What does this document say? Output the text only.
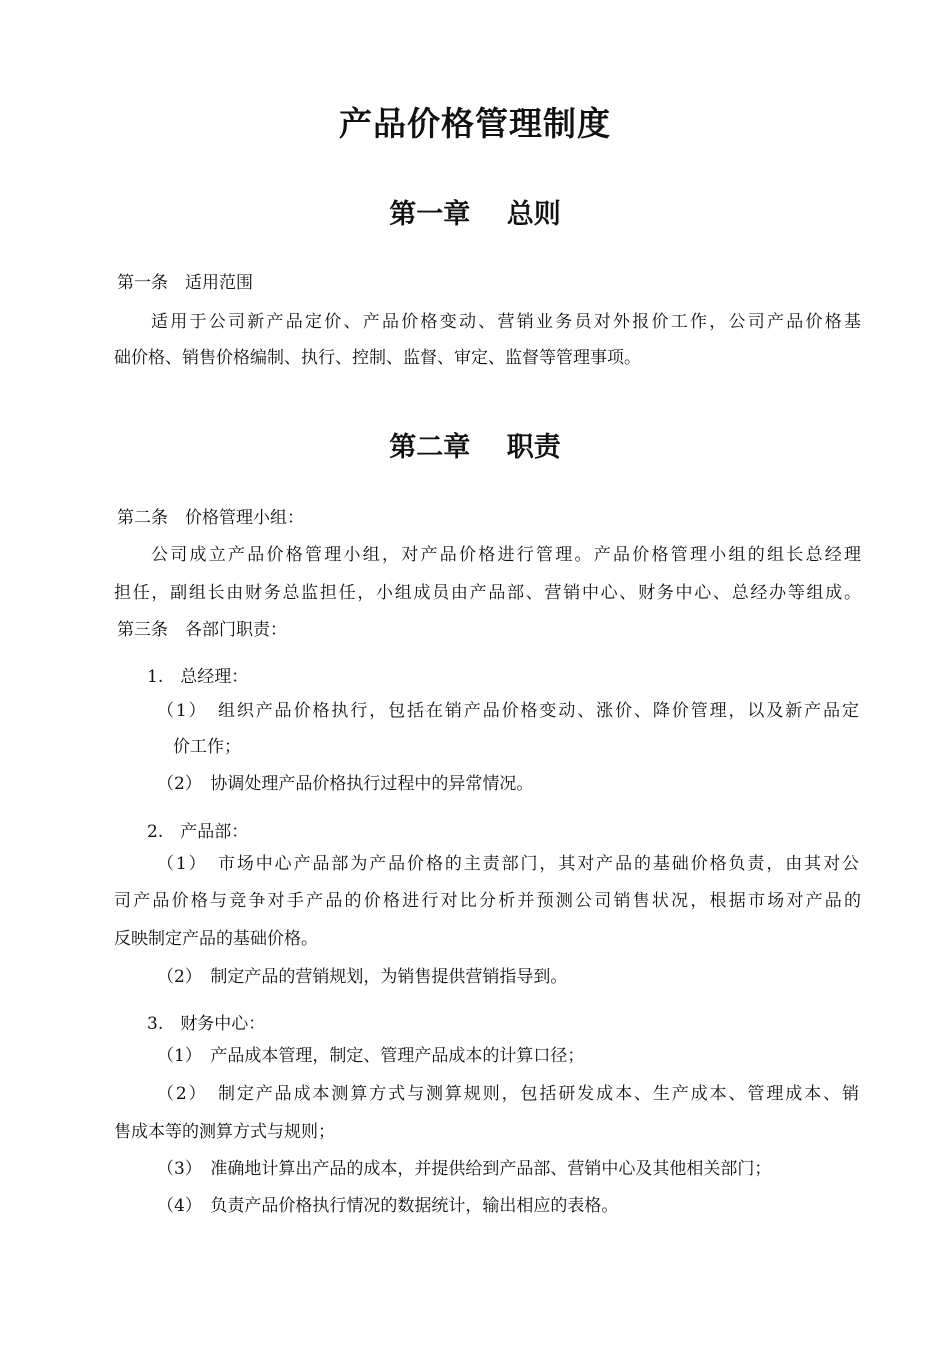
产品价格管理制度
第一章　 总则

第一条　适用范围

适用于公司新产品定价、产品价格变动、营销业务员对外报价工作，公司产品价格基

础价格、销售价格编制、执行、控制、监督、审定、监督等管理事项。

第二章　 职责

第二条　价格管理小组：

公司成立产品价格管理小组，对产品价格进行管理。产品价格管理小组的组长总经理

担任，副组长由财务总监担任，小组成员由产品部、营销中心、财务中心、总经办等组成。

第三条　各部门职责：

1.　总经理：

（1）　组织产品价格执行，包括在销产品价格变动、涨价、降价管理，以及新产品定

价工作；

（2）　协调处理产品价格执行过程中的异常情况。

2.　产品部：

（1）　市场中心产品部为产品价格的主责部门，其对产品的基础价格负责，由其对公

司产品价格与竞争对手产品的价格进行对比分析并预测公司销售状况，根据市场对产品的

反映制定产品的基础价格。

（2）　制定产品的营销规划，为销售提供营销指导到。

3.　财务中心：

（1）　产品成本管理，制定、管理产品成本的计算口径；

（2）　制定产品成本测算方式与测算规则，包括研发成本、生产成本、管理成本、销

售成本等的测算方式与规则；

（3）　准确地计算出产品的成本，并提供给到产品部、营销中心及其他相关部门；

（4）　负责产品价格执行情况的数据统计，输出相应的表格。
